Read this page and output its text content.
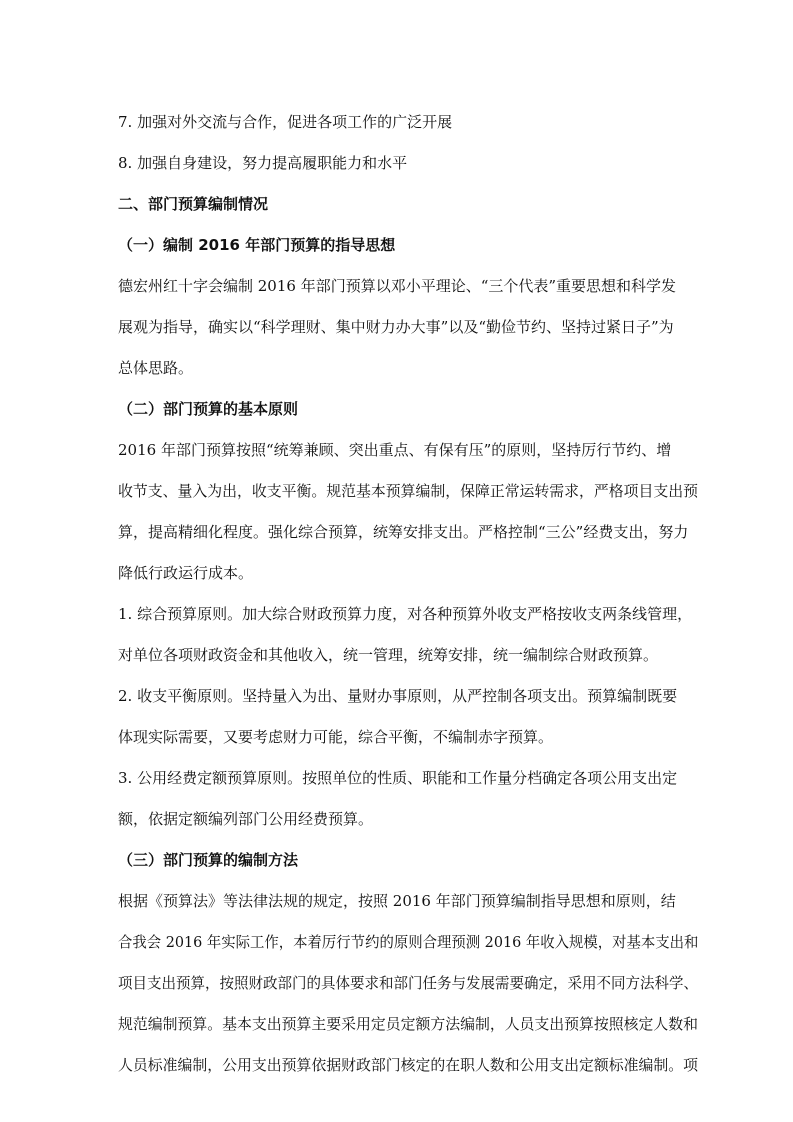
7. 加强对外交流与合作，促进各项工作的广泛开展
8. 加强自身建设，努力提高履职能力和水平
二、部门预算编制情况
（一）编制 2016 年部门预算的指导思想
德宏州红十字会编制 2016 年部门预算以邓小平理论、“三个代表”重要思想和科学发
展观为指导，确实以“科学理财、集中财力办大事”以及“勤俭节约、坚持过紧日子”为
总体思路。
（二）部门预算的基本原则
2016 年部门预算按照“统筹兼顾、突出重点、有保有压”的原则，坚持厉行节约、增
收节支、量入为出，收支平衡。规范基本预算编制，保障正常运转需求，严格项目支出预
算，提高精细化程度。强化综合预算，统筹安排支出。严格控制“三公”经费支出，努力
降低行政运行成本。
1. 综合预算原则。加大综合财政预算力度，对各种预算外收支严格按收支两条线管理，
对单位各项财政资金和其他收入，统一管理，统筹安排，统一编制综合财政预算。
2. 收支平衡原则。坚持量入为出、量财办事原则，从严控制各项支出。预算编制既要
体现实际需要，又要考虑财力可能，综合平衡，不编制赤字预算。
3. 公用经费定额预算原则。按照单位的性质、职能和工作量分档确定各项公用支出定
额，依据定额编列部门公用经费预算。
（三）部门预算的编制方法
根据《预算法》等法律法规的规定，按照 2016 年部门预算编制指导思想和原则，结
合我会 2016 年实际工作，本着厉行节约的原则合理预测 2016 年收入规模，对基本支出和
项目支出预算，按照财政部门的具体要求和部门任务与发展需要确定，采用不同方法科学、
规范编制预算。基本支出预算主要采用定员定额方法编制，人员支出预算按照核定人数和
人员标准编制，公用支出预算依据财政部门核定的在职人数和公用支出定额标准编制。项
